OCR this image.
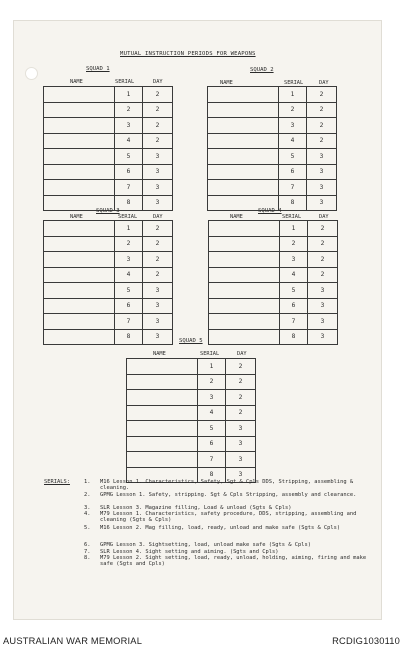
MUTUAL INSTRUCTION PERIODS FOR WEAPONS
SQUAD 1
NAME	SERIAL	DAY
	1	2
	2	2
	3	2
	4	2
	5	3
	6	3
	7	3
	8	3
SQUAD 2
NAME	SERIAL	DAY
	1	2
	2	2
	3	2
	4	2
	5	3
	6	3
	7	3
	8	3
SQUAD 3
NAME	SERIAL	DAY
	1	2
	2	2
	3	2
	4	2
	5	3
	6	3
	7	3
	8	3
SQUAD 4
NAME	SERIAL	DAY
	1	2
	2	2
	3	2
	4	2
	5	3
	6	3
	7	3
	8	3
SQUAD 5
NAME	SERIAL	DAY
	1	2
	2	2
	3	2
	4	2
	5	3
	6	3
	7	3
	8	3
SERIALS:	1.	M16 Lesson 1. Characteristics, Safety, Sgt & Cpls DDS, Stripping, assembling & cleaning.
2.	GPMG Lesson 1. Safety, stripping. Sgt & Cpls Stripping, assembly and clearance.
3.	SLR Lesson 3. Magazine filling, Load & unload (Sgts & Cpls)
4.	M79 Lesson 1. Characteristics, safety procedure, DDS, stripping, assembling and cleaning (Sgts & Cpls)
5.	M16 Lesson 2. Mag filling, load, ready, unload and make safe (Sgts & Cpls)
6.	GPMG Lesson 3. Sightsetting, load, unload make safe (Sgts & Cpls)
7.	SLR Lesson 4. Sight setting and aiming. (Sgts and Cpls)
8.	M79 Lesson 2. Sight setting, load, ready, unload, holding, aiming, firing and make safe (Sgts and Cpls)
AUSTRALIAN WAR MEMORIAL	RCDIG1030110
